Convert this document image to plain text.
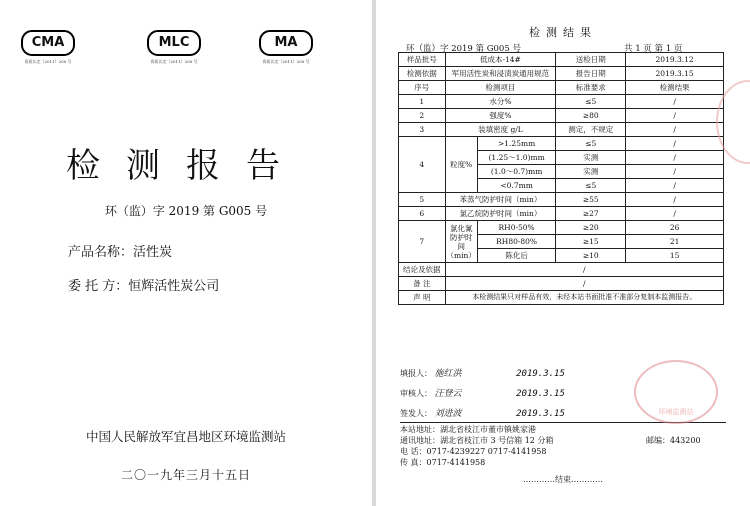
CMA
资质认定（2011）200 号
MLC
资质认定（2011）200 号
MA
资质认定（2011）200 号
检测报告
环（监）字 2019 第 G005 号
产品名称：活性炭
委 托 方：恒辉活性炭公司
中国人民解放军宜昌地区环境监测站
二〇一九年三月十五日
检测结果
环（监）字 2019 第 G005 号	共 1 页 第 1 页
样品批号	低成本-14#		送检日期	2019.3.12
检测依据	军用活性炭和浸渍炭通用规范		报告日期	2019.3.15
序号	检测项目		标准要求	检测结果
1	水分%		≤5	/
2	强度%		≥80	/
3	装填密度 g/L		测定，不规定	/
4	粒度%	>1.25mm	≤5	/
		(1.25～1.0)mm	实测	/
		(1.0～0.7)mm	实测	/
		<0.7mm	≤5	/
5	苯蒸气防护时间（min）		≥55	/
6	氯乙烷防护时间（min）		≥27	/
7	氯化氰防护时间（min）	RH0-50%	≥20	26
		RH80-80%	≥15	21
		陈化后	≥10	15
结论及依据	/			
备 注	/			
声 明	本检测结果只对样品有效，未经本站书面批准不准部分复制本监测报告。			
填报人： 施红洪	2019.3.15
审核人： 汪登云	2019.3.15
签发人： 刘进波	2019.3.15
本站地址：湖北省枝江市董市镇姚家港
通讯地址：湖北省枝江市 3 号信箱 12 分箱	邮编：443200
电 话：0717-4239227 0717-4141958
传 真：0717-4141958
…………结束…………
环境监测站
